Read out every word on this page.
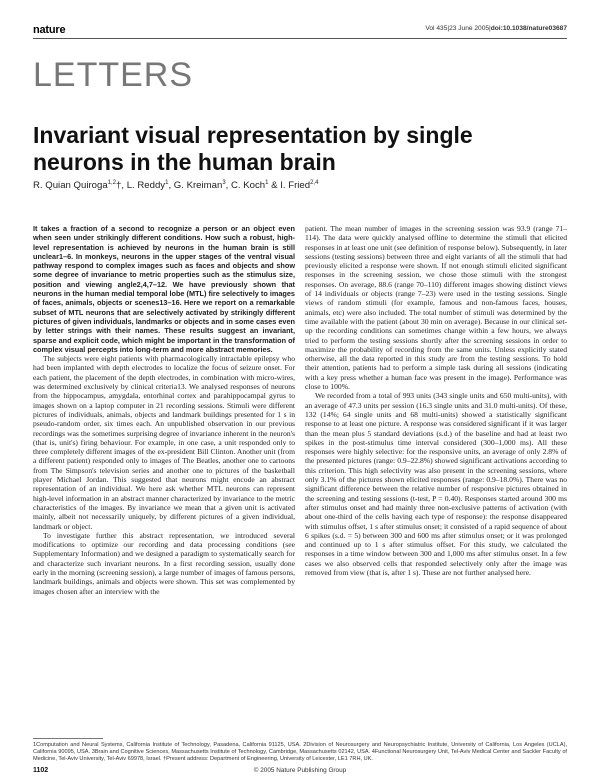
nature	Vol 435|23 June 2005|doi:10.1038/nature03687
LETTERS
Invariant visual representation by single neurons in the human brain
R. Quian Quiroga$^{1,2}$†, L. Reddy$^1$, G. Kreiman$^3$, C. Koch$^1$ & I. Fried$^{2,4}$

It takes a fraction of a second to recognize a person or an object even when seen under strikingly different conditions. How such a robust, high-level representation is achieved by neurons in the human brain is still unclear1–6. In monkeys, neurons in the upper stages of the ventral visual pathway respond to complex images such as faces and objects and show some degree of invariance to metric properties such as the stimulus size, position and viewing angle2,4,7–12. We have previously shown that neurons in the human medial temporal lobe (MTL) fire selectively to images of faces, animals, objects or scenes13–16. Here we report on a remarkable subset of MTL neurons that are selectively activated by strikingly different pictures of given individuals, landmarks or objects and in some cases even by letter strings with their names. These results suggest an invariant, sparse and explicit code, which might be important in the transformation of complex visual percepts into long-term and more abstract memories.

The subjects were eight patients with pharmacologically intractable epilepsy who had been implanted with depth electrodes to localize the focus of seizure onset. For each patient, the placement of the depth electrodes, in combination with micro-wires, was determined exclusively by clinical criteria13. We analysed responses of neurons from the hippocampus, amygdala, entorhinal cortex and parahippocampal gyrus to images shown on a laptop computer in 21 recording sessions. Stimuli were different pictures of individuals, animals, objects and landmark buildings presented for 1 s in pseudo-random order, six times each. An unpublished observation in our previous recordings was the sometimes surprising degree of invariance inherent in the neuron's (that is, unit's) firing behaviour. For example, in one case, a unit responded only to three completely different images of the ex-president Bill Clinton. Another unit (from a different patient) responded only to images of The Beatles, another one to cartoons from The Simpson's television series and another one to pictures of the basketball player Michael Jordan. This suggested that neurons might encode an abstract representation of an individual. We here ask whether MTL neurons can represent high-level information in an abstract manner characterized by invariance to the metric characteristics of the images. By invariance we mean that a given unit is activated mainly, albeit not necessarily uniquely, by different pictures of a given individual, landmark or object.

To investigate further this abstract representation, we introduced several modifications to optimize our recording and data processing conditions (see Supplementary Information) and we designed a paradigm to systematically search for and characterize such invariant neurons. In a first recording session, usually done early in the morning (screening session), a large number of images of famous persons, landmark buildings, animals and objects were shown. This set was complemented by images chosen after an interview with the

patient. The mean number of images in the screening session was 93.9 (range 71–114). The data were quickly analysed offline to determine the stimuli that elicited responses in at least one unit (see definition of response below). Subsequently, in later sessions (testing sessions) between three and eight variants of all the stimuli that had previously elicited a response were shown. If not enough stimuli elicited significant responses in the screening session, we chose those stimuli with the strongest responses. On average, 88.6 (range 70–110) different images showing distinct views of 14 individuals or objects (range 7–23) were used in the testing sessions. Single views of random stimuli (for example, famous and non-famous faces, houses, animals, etc) were also included. The total number of stimuli was determined by the time available with the patient (about 30 min on average). Because in our clinical set-up the recording conditions can sometimes change within a few hours, we always tried to perform the testing sessions shortly after the screening sessions in order to maximize the probability of recording from the same units. Unless explicitly stated otherwise, all the data reported in this study are from the testing sessions. To hold their attention, patients had to perform a simple task during all sessions (indicating with a key press whether a human face was present in the image). Performance was close to 100%.

We recorded from a total of 993 units (343 single units and 650 multi-units), with an average of 47.3 units per session (16.3 single units and 31.0 multi-units). Of these, 132 (14%; 64 single units and 68 multi-units) showed a statistically significant response to at least one picture. A response was considered significant if it was larger than the mean plus 5 standard deviations (s.d.) of the baseline and had at least two spikes in the post-stimulus time interval considered (300–1,000 ms). All these responses were highly selective: for the responsive units, an average of only 2.8% of the presented pictures (range: 0.9–22.8%) showed significant activations according to this criterion. This high selectivity was also present in the screening sessions, where only 3.1% of the pictures shown elicited responses (range: 0.9–18.0%). There was no significant difference between the relative number of responsive pictures obtained in the screening and testing sessions (t-test, P = 0.40). Responses started around 300 ms after stimulus onset and had mainly three non-exclusive patterns of activation (with about one-third of the cells having each type of response): the response disappeared with stimulus offset, 1 s after stimulus onset; it consisted of a rapid sequence of about 6 spikes (s.d. = 5) between 300 and 600 ms after stimulus onset; or it was prolonged and continued up to 1 s after stimulus offset. For this study, we calculated the responses in a time window between 300 and 1,000 ms after stimulus onset. In a few cases we also observed cells that responded selectively only after the image was removed from view (that is, after 1 s). These are not further analysed here.

1Computation and Neural Systems, California Institute of Technology, Pasadena, California 91125, USA. 2Division of Neurosurgery and Neuropsychiatric Institute, University of California, Los Angeles (UCLA), California 90095, USA. 3Brain and Cognitive Sciences, Massachusetts Institute of Technology, Cambridge, Massachusetts 02142, USA. 4Functional Neurosurgery Unit, Tel-Aviv Medical Center and Sackler Faculty of Medicine, Tel-Aviv University, Tel-Aviv 69978, Israel. †Present address: Department of Engineering, University of Leicester, LE1 7RH, UK.
1102	© 2005 Nature Publishing Group
